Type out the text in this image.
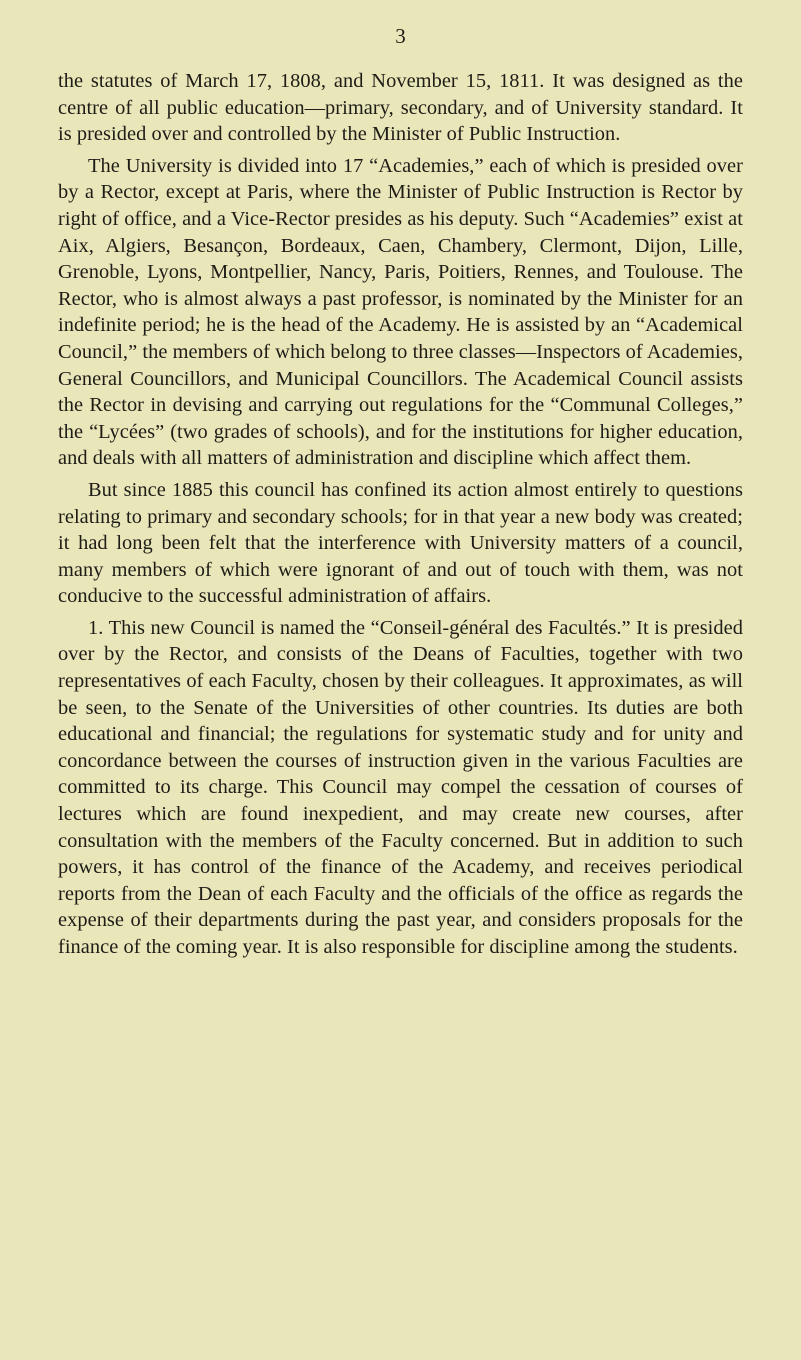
3

the statutes of March 17, 1808, and November 15, 1811. It was designed as the centre of all public education—primary, secondary, and of University standard. It is presided over and controlled by the Minister of Public Instruction.

The University is divided into 17 “Academies,” each of which is presided over by a Rector, except at Paris, where the Minister of Public Instruction is Rector by right of office, and a Vice-Rector presides as his deputy. Such “Academies” exist at Aix, Algiers, Besançon, Bordeaux, Caen, Chambery, Clermont, Dijon, Lille, Grenoble, Lyons, Montpellier, Nancy, Paris, Poitiers, Rennes, and Toulouse. The Rector, who is almost always a past professor, is nominated by the Minister for an indefinite period; he is the head of the Academy. He is assisted by an “Academical Council,” the members of which belong to three classes—Inspectors of Academies, General Councillors, and Municipal Councillors. The Academical Council assists the Rector in devising and carrying out regulations for the “Communal Colleges,” the “Lycées” (two grades of schools), and for the institutions for higher education, and deals with all matters of administration and discipline which affect them.

But since 1885 this council has confined its action almost entirely to questions relating to primary and secondary schools; for in that year a new body was created; it had long been felt that the interference with University matters of a council, many members of which were ignorant of and out of touch with them, was not conducive to the successful administration of affairs.

1. This new Council is named the “Conseil-général des Facultés.” It is presided over by the Rector, and consists of the Deans of Faculties, together with two representatives of each Faculty, chosen by their colleagues. It approximates, as will be seen, to the Senate of the Universities of other countries. Its duties are both educational and financial; the regulations for systematic study and for unity and concordance between the courses of instruction given in the various Faculties are committed to its charge. This Council may compel the cessation of courses of lectures which are found inexpedient, and may create new courses, after consultation with the members of the Faculty concerned. But in addition to such powers, it has control of the finance of the Academy, and receives periodical reports from the Dean of each Faculty and the officials of the office as regards the expense of their departments during the past year, and considers proposals for the finance of the coming year. It is also responsible for discipline among the students.
